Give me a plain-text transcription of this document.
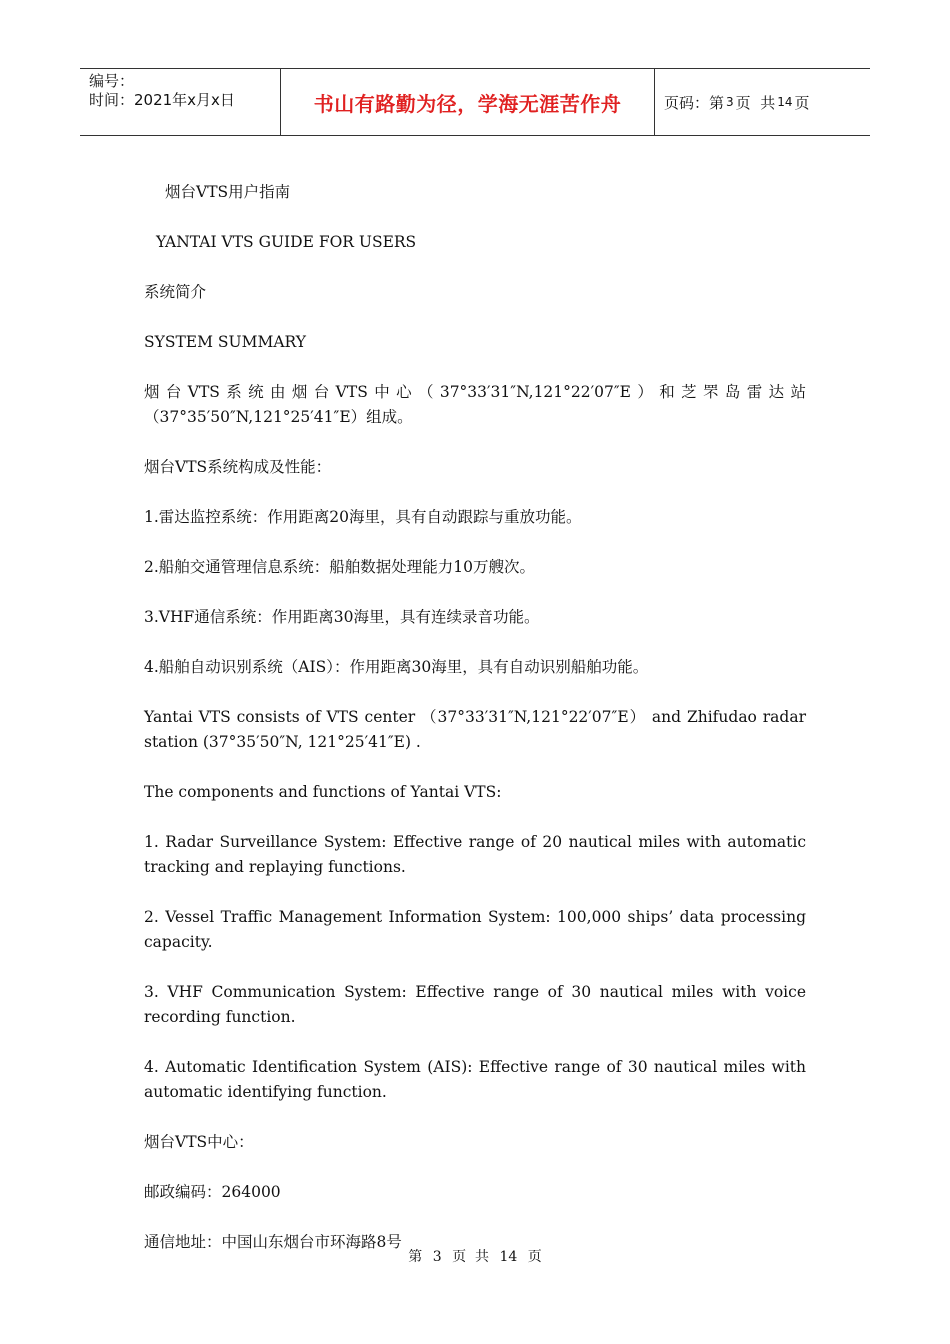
编号：
时间：2021年x月x日	书山有路勤为径，学海无涯苦作舟	页码：第 3 页  共 14 页

烟台VTS用户指南

YANTAI VTS GUIDE FOR USERS

系统简介

SYSTEM SUMMARY

烟台VTS系统由烟台VTS中心（37°33′31″N,121°22′07″E）和芝罘岛雷达站（37°35′50″N,121°25′41″E）组成。

烟台VTS系统构成及性能：

1.雷达监控系统：作用距离20海里，具有自动跟踪与重放功能。

2.船舶交通管理信息系统：船舶数据处理能力10万艘次。

3.VHF通信系统：作用距离30海里，具有连续录音功能。

4.船舶自动识别系统（AIS）：作用距离30海里，具有自动识别船舶功能。

Yantai VTS consists of VTS center （37°33′31″N,121°22′07″E） and Zhifudao radar station (37°35′50″N, 121°25′41″E) .

The components and functions of Yantai VTS:

1. Radar Surveillance System: Effective range of 20 nautical miles with automatic tracking and replaying functions.

2. Vessel Traffic Management Information System: 100,000 ships’ data processing capacity.

3. VHF Communication System: Effective range of 30 nautical miles with voice recording function.

4. Automatic Identification System (AIS): Effective range of 30 nautical miles with automatic identifying function.

烟台VTS中心：

邮政编码：264000

通信地址：中国山东烟台市环海路8号

第 3 页  共 14 页
